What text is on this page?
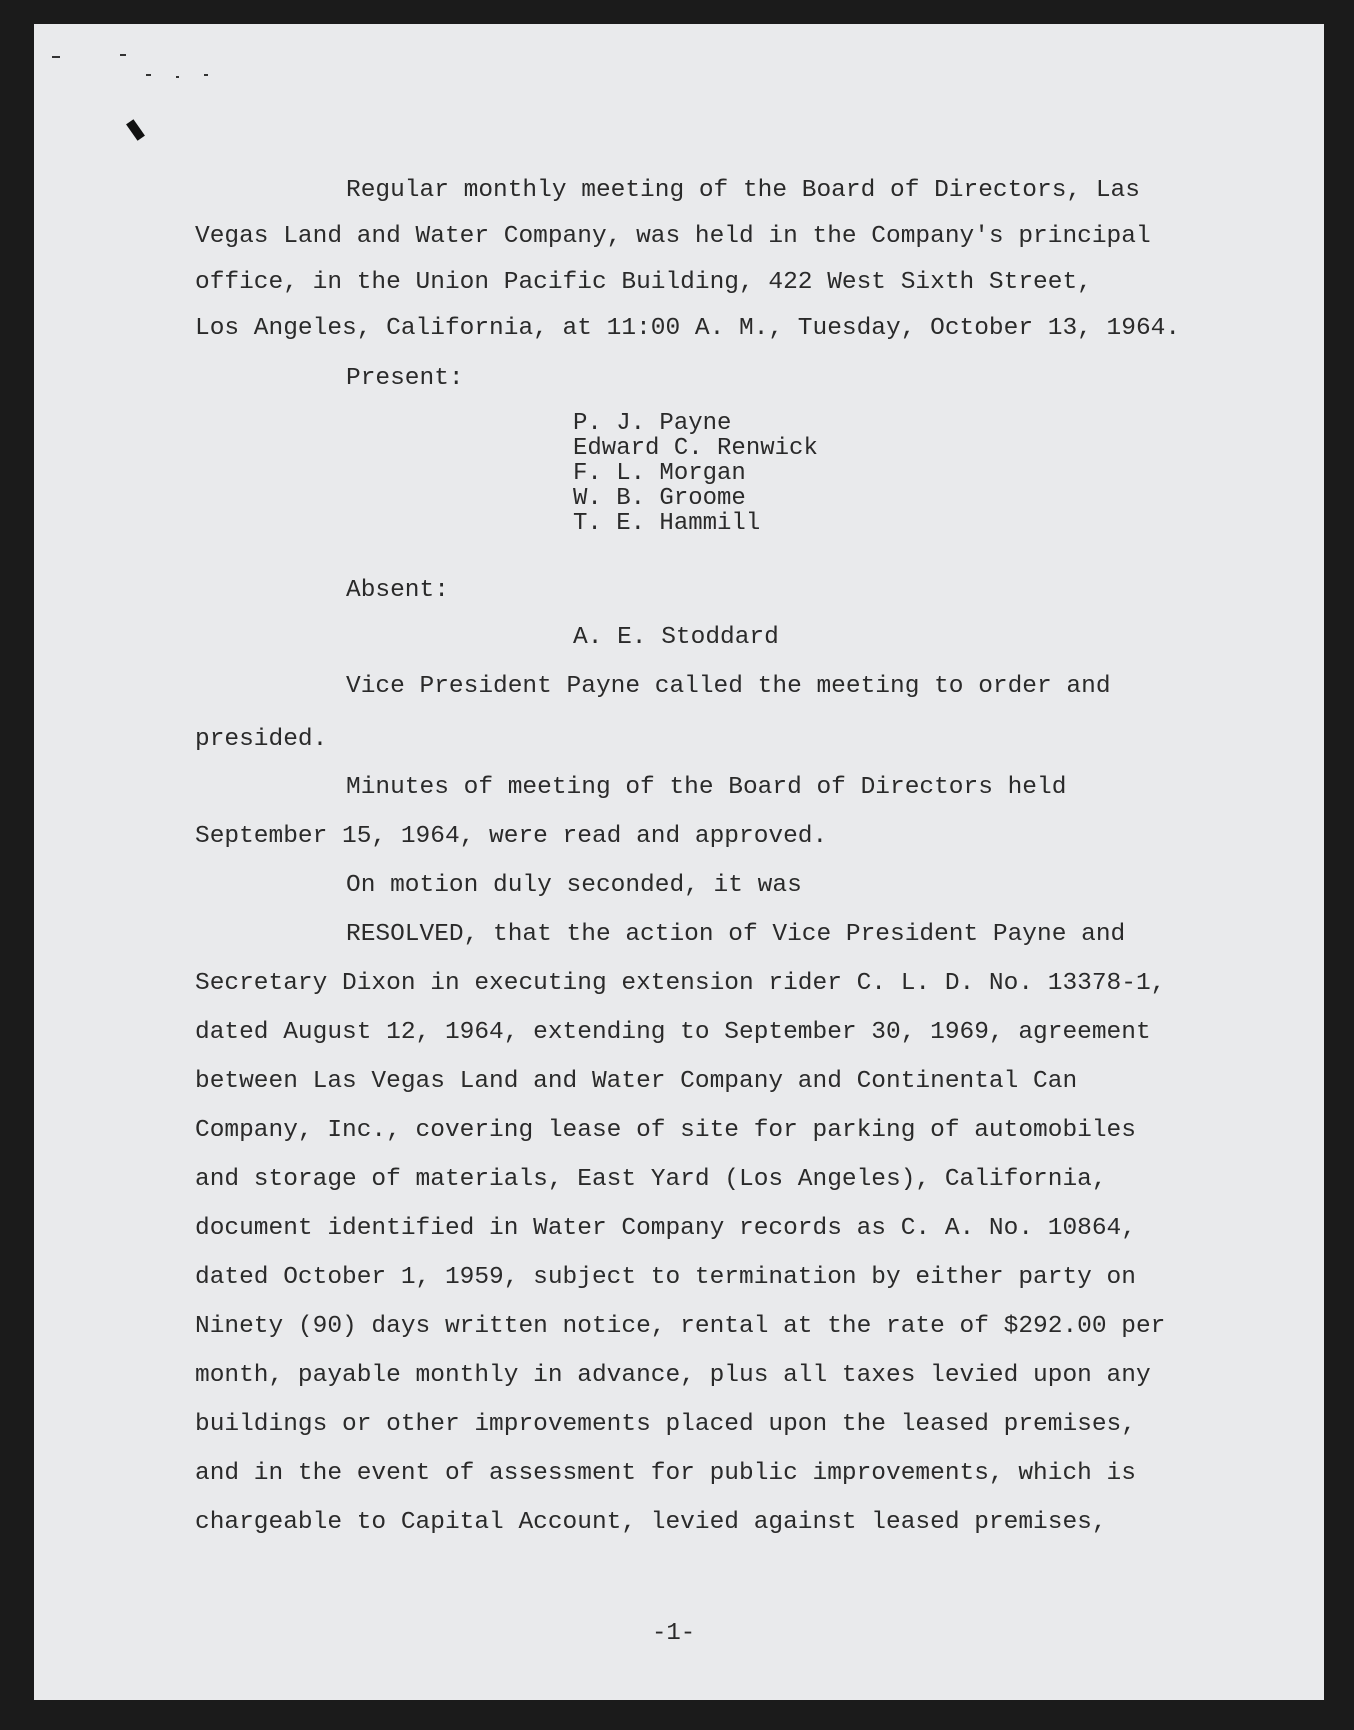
Regular monthly meeting of the Board of Directors, Las
Vegas Land and Water Company, was held in the Company's principal
office, in the Union Pacific Building, 422 West Sixth Street,
Los Angeles, California, at 11:00 A. M., Tuesday, October 13, 1964.
Present:
P. J. Payne
Edward C. Renwick
F. L. Morgan
W. B. Groome
T. E. Hammill
Absent:
A. E. Stoddard
Vice President Payne called the meeting to order and
presided.
Minutes of meeting of the Board of Directors held
September 15, 1964, were read and approved.
On motion duly seconded, it was
RESOLVED, that the action of Vice President Payne and
Secretary Dixon in executing extension rider C. L. D. No. 13378-1,
dated August 12, 1964, extending to September 30, 1969, agreement
between Las Vegas Land and Water Company and Continental Can
Company, Inc., covering lease of site for parking of automobiles
and storage of materials, East Yard (Los Angeles), California,
document identified in Water Company records as C. A. No. 10864,
dated October 1, 1959, subject to termination by either party on
Ninety (90) days written notice, rental at the rate of $292.00 per
month, payable monthly in advance, plus all taxes levied upon any
buildings or other improvements placed upon the leased premises,
and in the event of assessment for public improvements, which is
chargeable to Capital Account, levied against leased premises,
-1-
